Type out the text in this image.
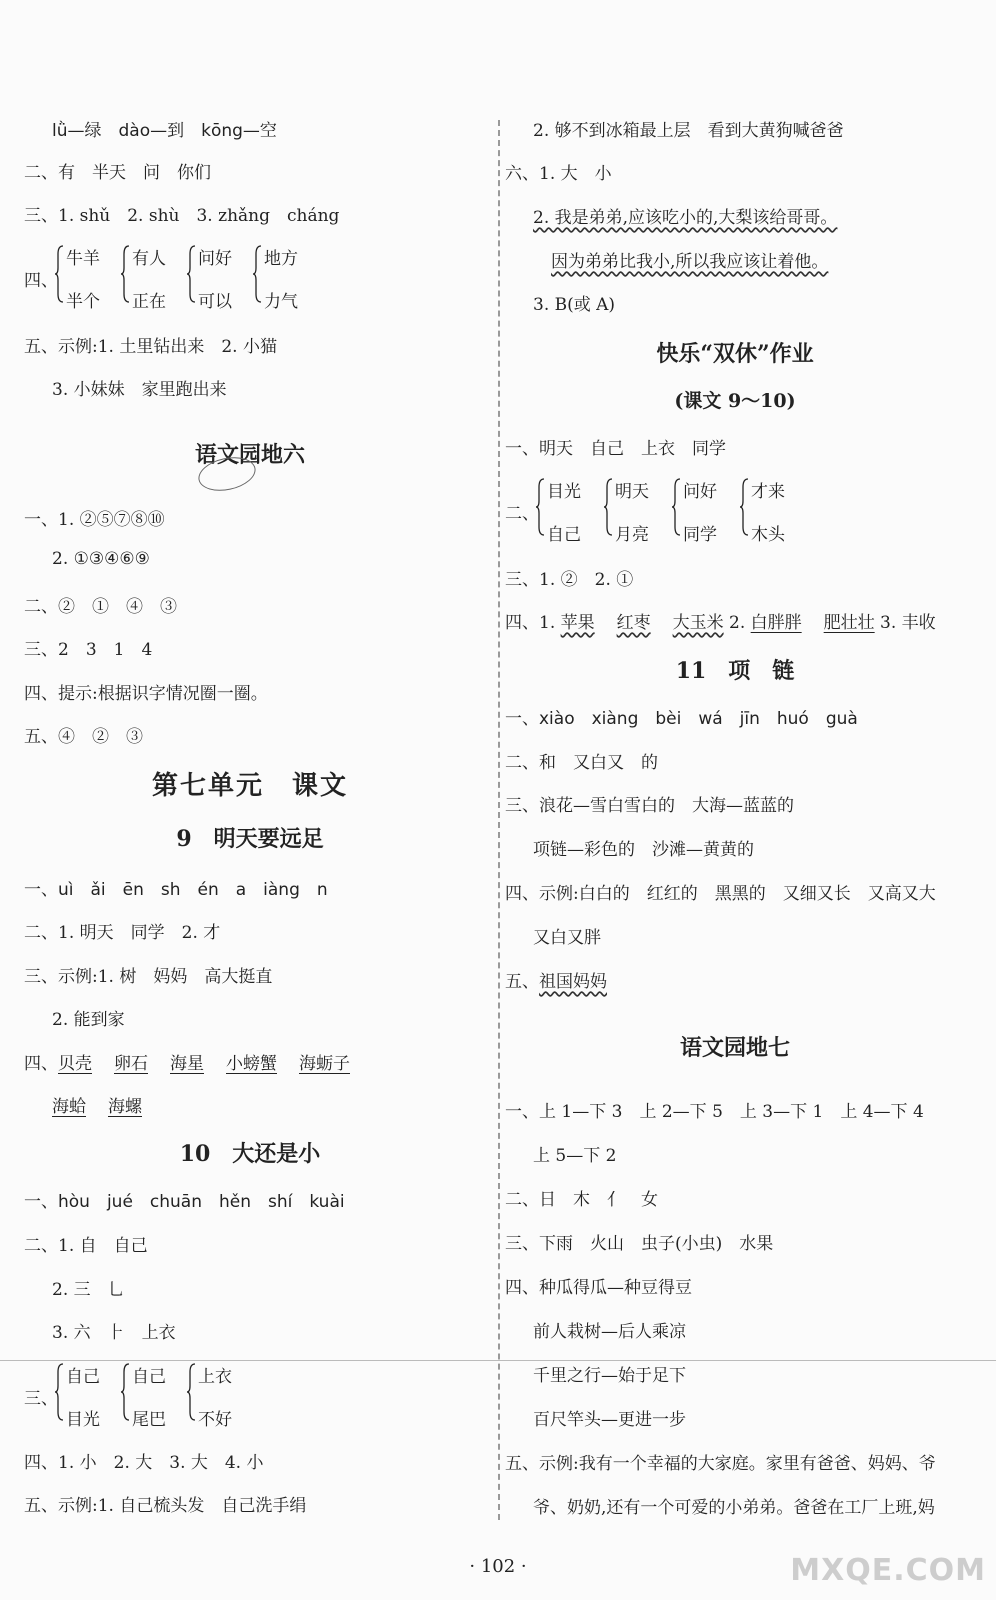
lǜ—绿　dào—到　kōng—空
二、有　半天　问　你们
三、1. shǔ　2. shù　3. zhǎng　cháng
四、
牛羊
半个
有人
正在
问好
可以
地方
力气
五、示例:1. 土里钻出来　2. 小猫
3. 小妹妹　家里跑出来
语文园地六
一、1. ②⑤⑦⑧⑩
2. ①③④⑥⑨
二、②　①　④　③
三、2　3　1　4
四、提示:根据识字情况圈一圈。
五、④　②　③
第七单元　课文
9　明天要远足
一、uì　ǎi　ēn　sh　én　a　iàng　n
二、1. 明天　同学　2. 才
三、示例:1. 树　妈妈　高大挺直
2. 能到家
四、贝壳 卵石 海星 小螃蟹 海蛎子
海蛤 海螺
10　大还是小
一、hòu　jué　chuān　hěn　shí　kuài
二、1. 自　自己
2. 三　乚
3. 六　⺊　上衣
三、
自己
目光
自己
尾巴
上衣
不好
四、1. 小　2. 大　3. 大　4. 小
五、示例:1. 自己梳头发　自己洗手绢
2. 够不到冰箱最上层　看到大黄狗喊爸爸
六、1. 大　小
2. 我是弟弟,应该吃小的,大梨该给哥哥。
因为弟弟比我小,所以我应该让着他。
3. B(或 A)
快乐“双休”作业
(课文 9～10)
一、明天　自己　上衣　同学
二、
目光
自己
明天
月亮
问好
同学
才来
木头
三、1. ②　2. ①
四、1. 苹果 红枣 大玉米 2. 白胖胖 肥壮壮 3. 丰收
11　项　链
一、xiào　xiàng　bèi　wá　jīn　huó　guà
二、和　又白又　的
三、浪花—雪白雪白的　大海—蓝蓝的
项链—彩色的　沙滩—黄黄的
四、示例:白白的　红红的　黑黑的　又细又长　又高又大
又白又胖
五、祖国妈妈
语文园地七
一、上 1—下 3　上 2—下 5　上 3—下 1　上 4—下 4
上 5—下 2
二、日　木　亻　女
三、下雨　火山　虫子(小虫)　水果
四、种瓜得瓜—种豆得豆
前人栽树—后人乘凉
千里之行—始于足下
百尺竿头—更进一步
五、示例:我有一个幸福的大家庭。家里有爸爸、妈妈、爷
爷、奶奶,还有一个可爱的小弟弟。爸爸在工厂上班,妈
· 102 ·	MXQE.COM
